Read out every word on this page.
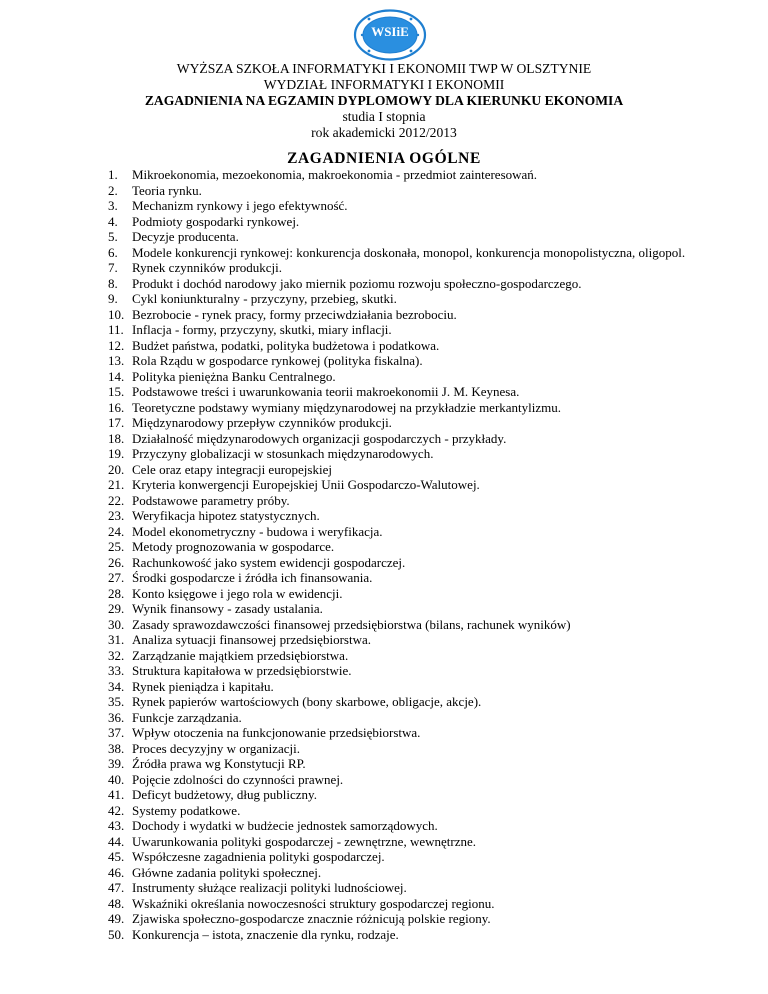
WSIiE
WYŻSZA SZKOŁA INFORMATYKI I EKONOMII TWP W OLSZTYNIE
WYDZIAŁ INFORMATYKI I EKONOMII
ZAGADNIENIA NA EGZAMIN DYPLOMOWY DLA KIERUNKU EKONOMIA
studia I stopnia
rok akademicki 2012/2013
ZAGADNIENIA OGÓLNE
1. Mikroekonomia, mezoekonomia, makroekonomia - przedmiot zainteresowań.
2. Teoria rynku.
3. Mechanizm rynkowy i jego efektywność.
4. Podmioty gospodarki rynkowej.
5. Decyzje producenta.
6. Modele konkurencji rynkowej: konkurencja doskonała, monopol, konkurencja monopolistyczna, oligopol.
7. Rynek czynników produkcji.
8. Produkt i dochód narodowy jako miernik poziomu rozwoju społeczno-gospodarczego.
9. Cykl koniunkturalny - przyczyny, przebieg, skutki.
10. Bezrobocie - rynek pracy, formy przeciwdziałania bezrobociu.
11. Inflacja - formy, przyczyny, skutki, miary inflacji.
12. Budżet państwa, podatki, polityka budżetowa i podatkowa.
13. Rola Rządu w gospodarce rynkowej (polityka fiskalna).
14. Polityka pieniężna Banku Centralnego.
15. Podstawowe treści i uwarunkowania teorii makroekonomii J. M. Keynesa.
16. Teoretyczne podstawy wymiany międzynarodowej na przykładzie merkantylizmu.
17. Międzynarodowy przepływ czynników produkcji.
18. Działalność międzynarodowych organizacji gospodarczych - przykłady.
19. Przyczyny globalizacji w stosunkach międzynarodowych.
20. Cele oraz etapy integracji europejskiej
21. Kryteria konwergencji Europejskiej Unii Gospodarczo-Walutowej.
22. Podstawowe parametry próby.
23. Weryfikacja hipotez statystycznych.
24. Model ekonometryczny - budowa i weryfikacja.
25. Metody prognozowania w gospodarce.
26. Rachunkowość jako system ewidencji gospodarczej.
27. Środki gospodarcze i źródła ich finansowania.
28. Konto księgowe i jego rola w ewidencji.
29. Wynik finansowy - zasady ustalania.
30. Zasady sprawozdawczości finansowej przedsiębiorstwa (bilans, rachunek wyników)
31. Analiza sytuacji finansowej przedsiębiorstwa.
32. Zarządzanie majątkiem przedsiębiorstwa.
33. Struktura kapitałowa w przedsiębiorstwie.
34. Rynek pieniądza i kapitału.
35. Rynek papierów wartościowych (bony skarbowe, obligacje, akcje).
36. Funkcje zarządzania.
37. Wpływ otoczenia na funkcjonowanie przedsiębiorstwa.
38. Proces decyzyjny w organizacji.
39. Źródła prawa wg Konstytucji RP.
40. Pojęcie zdolności do czynności prawnej.
41. Deficyt budżetowy, dług publiczny.
42. Systemy podatkowe.
43. Dochody i wydatki w budżecie jednostek samorządowych.
44. Uwarunkowania polityki gospodarczej - zewnętrzne, wewnętrzne.
45. Współczesne zagadnienia polityki gospodarczej.
46. Główne zadania polityki społecznej.
47. Instrumenty służące realizacji polityki ludnościowej.
48. Wskaźniki określania nowoczesności struktury gospodarczej regionu.
49. Zjawiska społeczno-gospodarcze znacznie różnicują polskie regiony.
50. Konkurencja – istota, znaczenie dla rynku, rodzaje.
